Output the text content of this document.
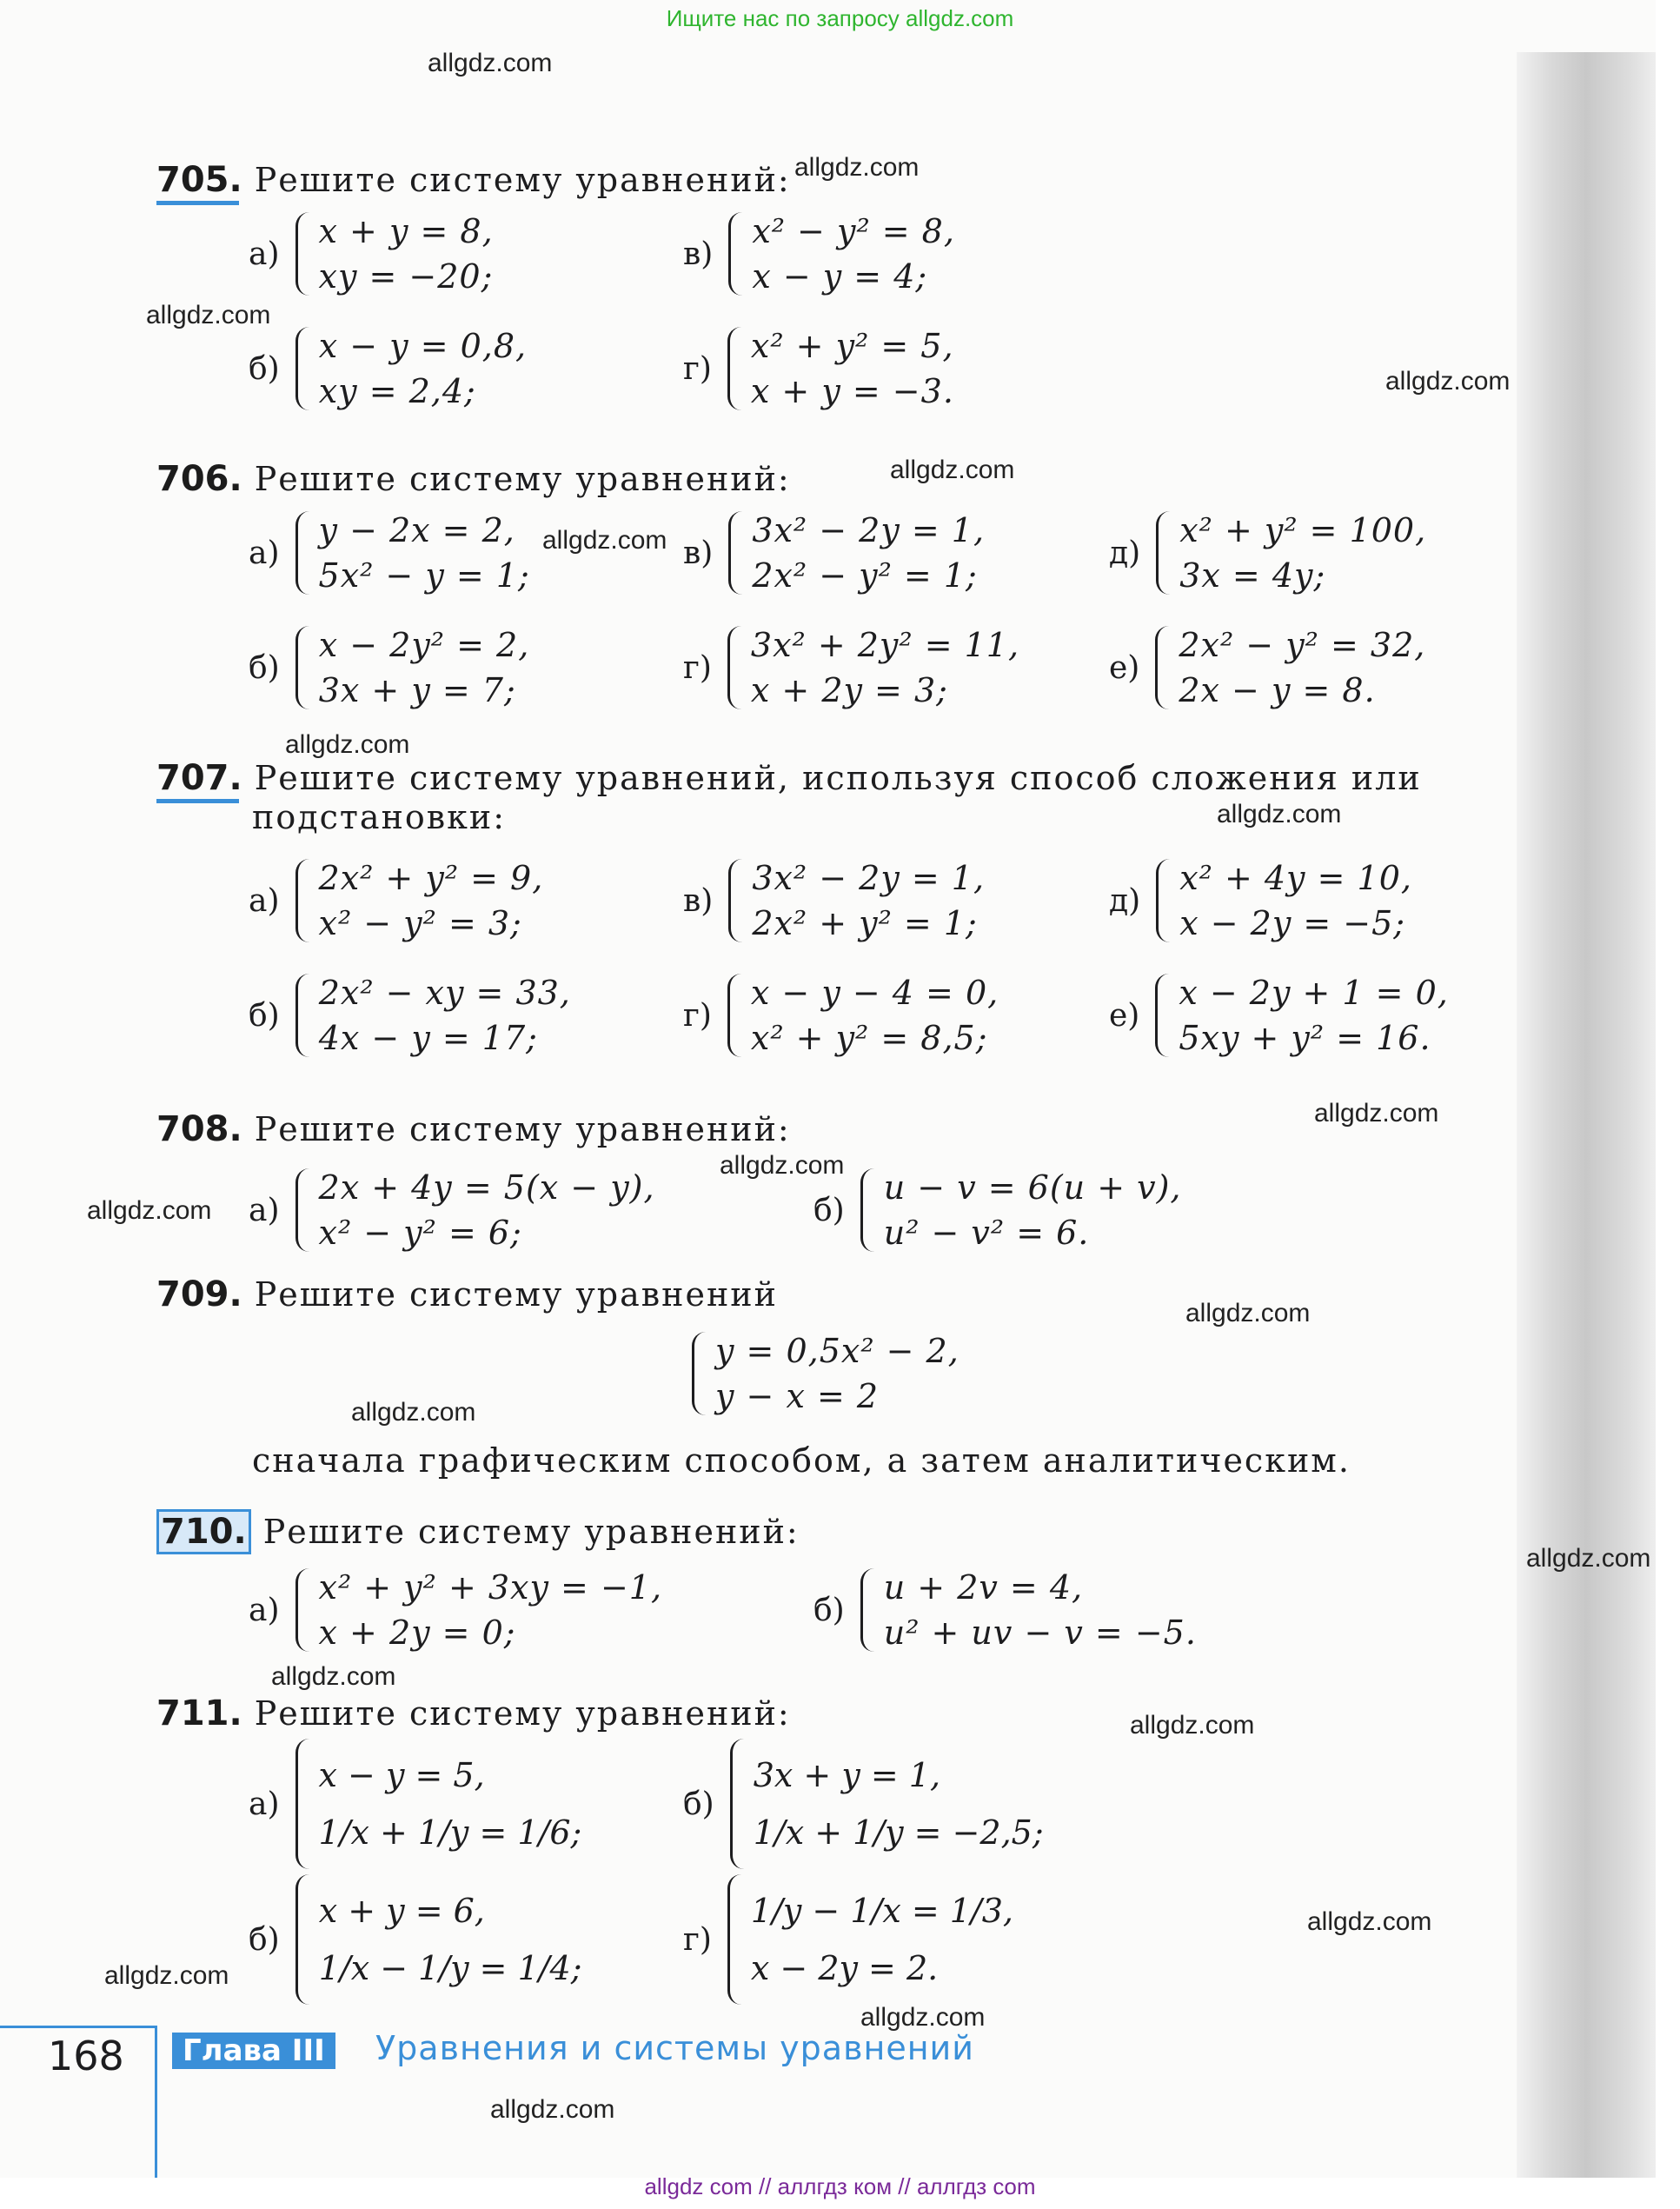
Ищите нас по запросу allgdz.com
allgdz.com
allgdz.com
allgdz.com
allgdz.com
allgdz.com
allgdz.com
allgdz.com
allgdz.com
allgdz.com
allgdz.com
allgdz.com
allgdz.com
allgdz.com
allgdz.com
allgdz.com
allgdz.com
allgdz.com
allgdz.com
allgdz.com
allgdz.com
705. Решите систему уравнений:
а)
x + y = 8,
xy = −20;
в)
x² − y² = 8,
x − y = 4;
б)
x − y = 0,8,
xy = 2,4;
г)
x² + y² = 5,
x + y = −3.
706. Решите систему уравнений:
а)
y − 2x = 2,
5x² − y = 1;
в)
3x² − 2y = 1,
2x² − y² = 1;
д)
x² + y² = 100,
3x = 4y;
б)
x − 2y² = 2,
3x + y = 7;
г)
3x² + 2y² = 11,
x + 2y = 3;
е)
2x² − y² = 32,
2x − y = 8.
707. Решите систему уравнений, используя способ сложения или
подстановки:
а)
2x² + y² = 9,
x² − y² = 3;
в)
3x² − 2y = 1,
2x² + y² = 1;
д)
x² + 4y = 10,
x − 2y = −5;
б)
2x² − xy = 33,
4x − y = 17;
г)
x − y − 4 = 0,
x² + y² = 8,5;
е)
x − 2y + 1 = 0,
5xy + y² = 16.
708. Решите систему уравнений:
а)
2x + 4y = 5(x − y),
x² − y² = 6;
б)
u − v = 6(u + v),
u² − v² = 6.
709. Решите систему уравнений
y = 0,5x² − 2,
y − x = 2
сначала графическим способом, а затем аналитическим.
710. Решите систему уравнений:
а)
x² + y² + 3xy = −1,
x + 2y = 0;
б)
u + 2v = 4,
u² + uv − v = −5.
711. Решите систему уравнений:
а)
x − y = 5,
1/x + 1/y = 1/6;
б)
3x + y = 1,
1/x + 1/y = −2,5;
б)
x + y = 6,
1/x − 1/y = 1/4;
г)
1/y − 1/x = 1/3,
x − 2y = 2.
168	Глава III	Уравнения и системы уравнений
allgdz com // аллгдз ком // аллгдз com
